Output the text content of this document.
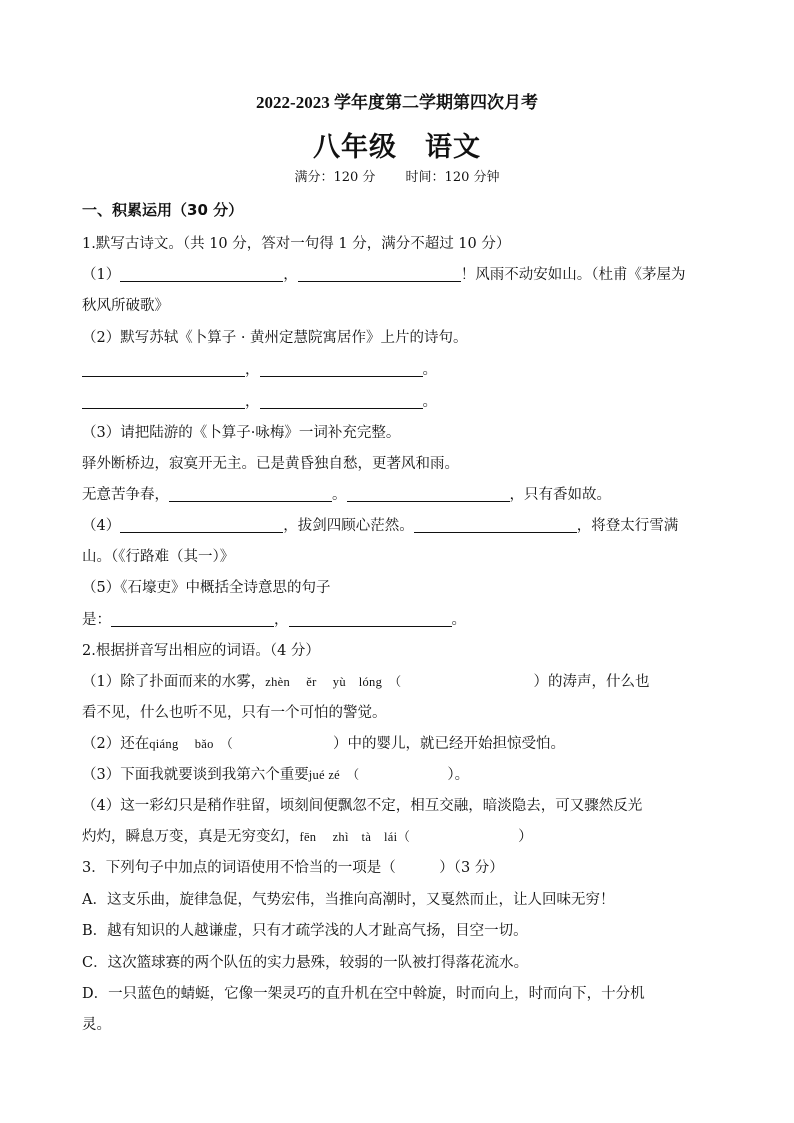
2022-2023 学年度第二学期第四次月考
八年级　语文
满分：120 分　　 时间：120 分钟
一、积累运用（30 分）
1.默写古诗文。（共 10 分，答对一句得 1 分，满分不超过 10 分）
（1）	，	！风雨不动安如山。（杜甫《茅屋为
秋风所破歌》
（2）默写苏轼《卜算子 · 黄州定慧院寓居作》上片的诗句。
，	。
，	。
（3）请把陆游的《卜算子·咏梅》一词补充完整。
驿外断桥边，寂寞开无主。已是黄昏独自愁，更著风和雨。
无意苦争春，	。	，只有香如故。
（4）	，拔剑四顾心茫然。	，将登太行雪满
山。（《行路难（其一）》
（5）《石壕吏》中概括全诗意思的句子
是：	，	。
2.根据拼音写出相应的词语。（4 分）
（1）除了扑面而来的水雾，zhèn　 ěr　 yù　lóng　（	）的涛声，什么也
看不见，什么也听不见，只有一个可怕的警觉。
（2）还在qiáng　 bǎo　（	）中的婴儿，就已经开始担惊受怕。
（3）下面我就要谈到我第六个重要jué zé　（	）。
（4）这一彩幻只是稍作驻留，顷刻间便飘忽不定，相互交融，暗淡隐去，可又骤然反光
灼灼，瞬息万变，真是无穷变幻，fēn　 zhì　tà　lái（	）
3．下列句子中加点的词语使用不恰当的一项是（　　　）（3 分）
A．这支乐曲，旋律急促，气势宏伟，当推向高潮时，又戛然而止，让人回味无穷！
B．越有知识的人越谦虚，只有才疏学浅的人才趾高气扬，目空一切。
C．这次篮球赛的两个队伍的实力悬殊，较弱的一队被打得落花流水。
D．一只蓝色的蜻蜓，它像一架灵巧的直升机在空中斡旋，时而向上，时而向下，十分机
灵。
